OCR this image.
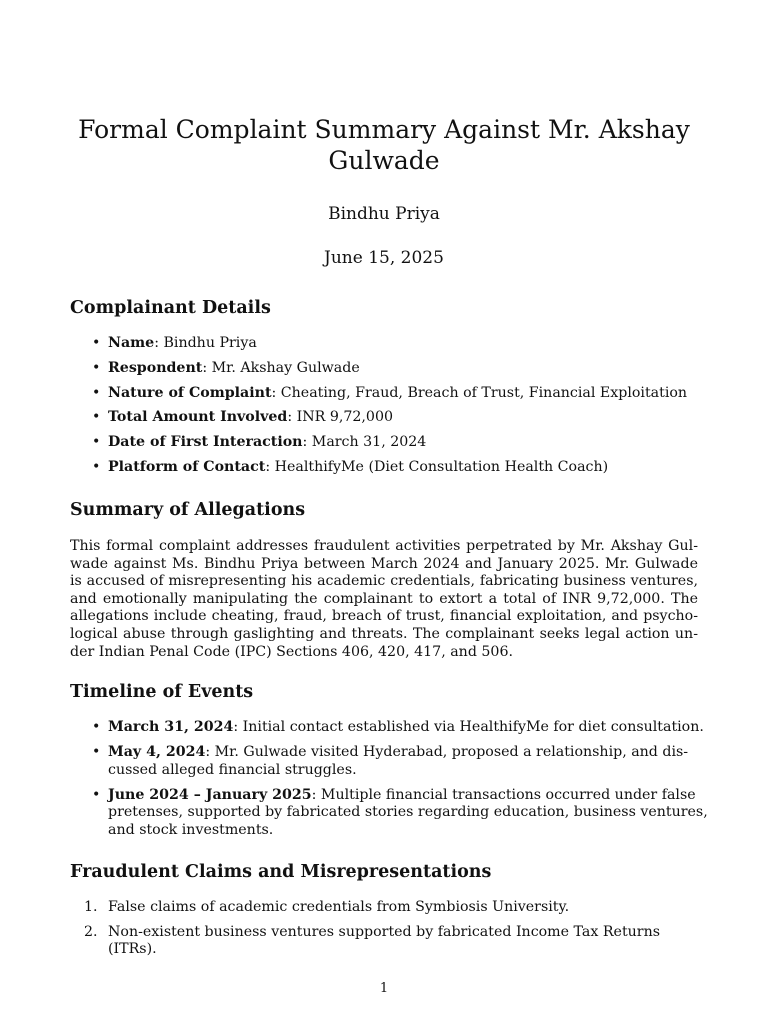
Formal Complaint Summary Against Mr. Akshay Gulwade
Bindhu Priya
June 15, 2025
Complainant Details
• Name: Bindhu Priya
• Respondent: Mr. Akshay Gulwade
• Nature of Complaint: Cheating, Fraud, Breach of Trust, Financial Exploitation
• Total Amount Involved: INR 9,72,000
• Date of First Interaction: March 31, 2024
• Platform of Contact: HealthifyMe (Diet Consultation Health Coach)
Summary of Allegations

This formal complaint addresses fraudulent activities perpetrated by Mr. Akshay Gulwade against Ms. Bindhu Priya between March 2024 and January 2025. Mr. Gulwade is accused of misrepresenting his academic credentials, fabricating business ventures, and emotionally manipulating the complainant to extort a total of INR 9,72,000. The allegations include cheating, fraud, breach of trust, financial exploitation, and psychological abuse through gaslighting and threats. The complainant seeks legal action under Indian Penal Code (IPC) Sections 406, 420, 417, and 506.

Timeline of Events
• March 31, 2024: Initial contact established via HealthifyMe for diet consultation.
• May 4, 2024: Mr. Gulwade visited Hyderabad, proposed a relationship, and discussed alleged financial struggles.
• June 2024 – January 2025: Multiple financial transactions occurred under false pretenses, supported by fabricated stories regarding education, business ventures, and stock investments.
Fraudulent Claims and Misrepresentations
1. False claims of academic credentials from Symbiosis University.
2. Non-existent business ventures supported by fabricated Income Tax Returns (ITRs).
1
